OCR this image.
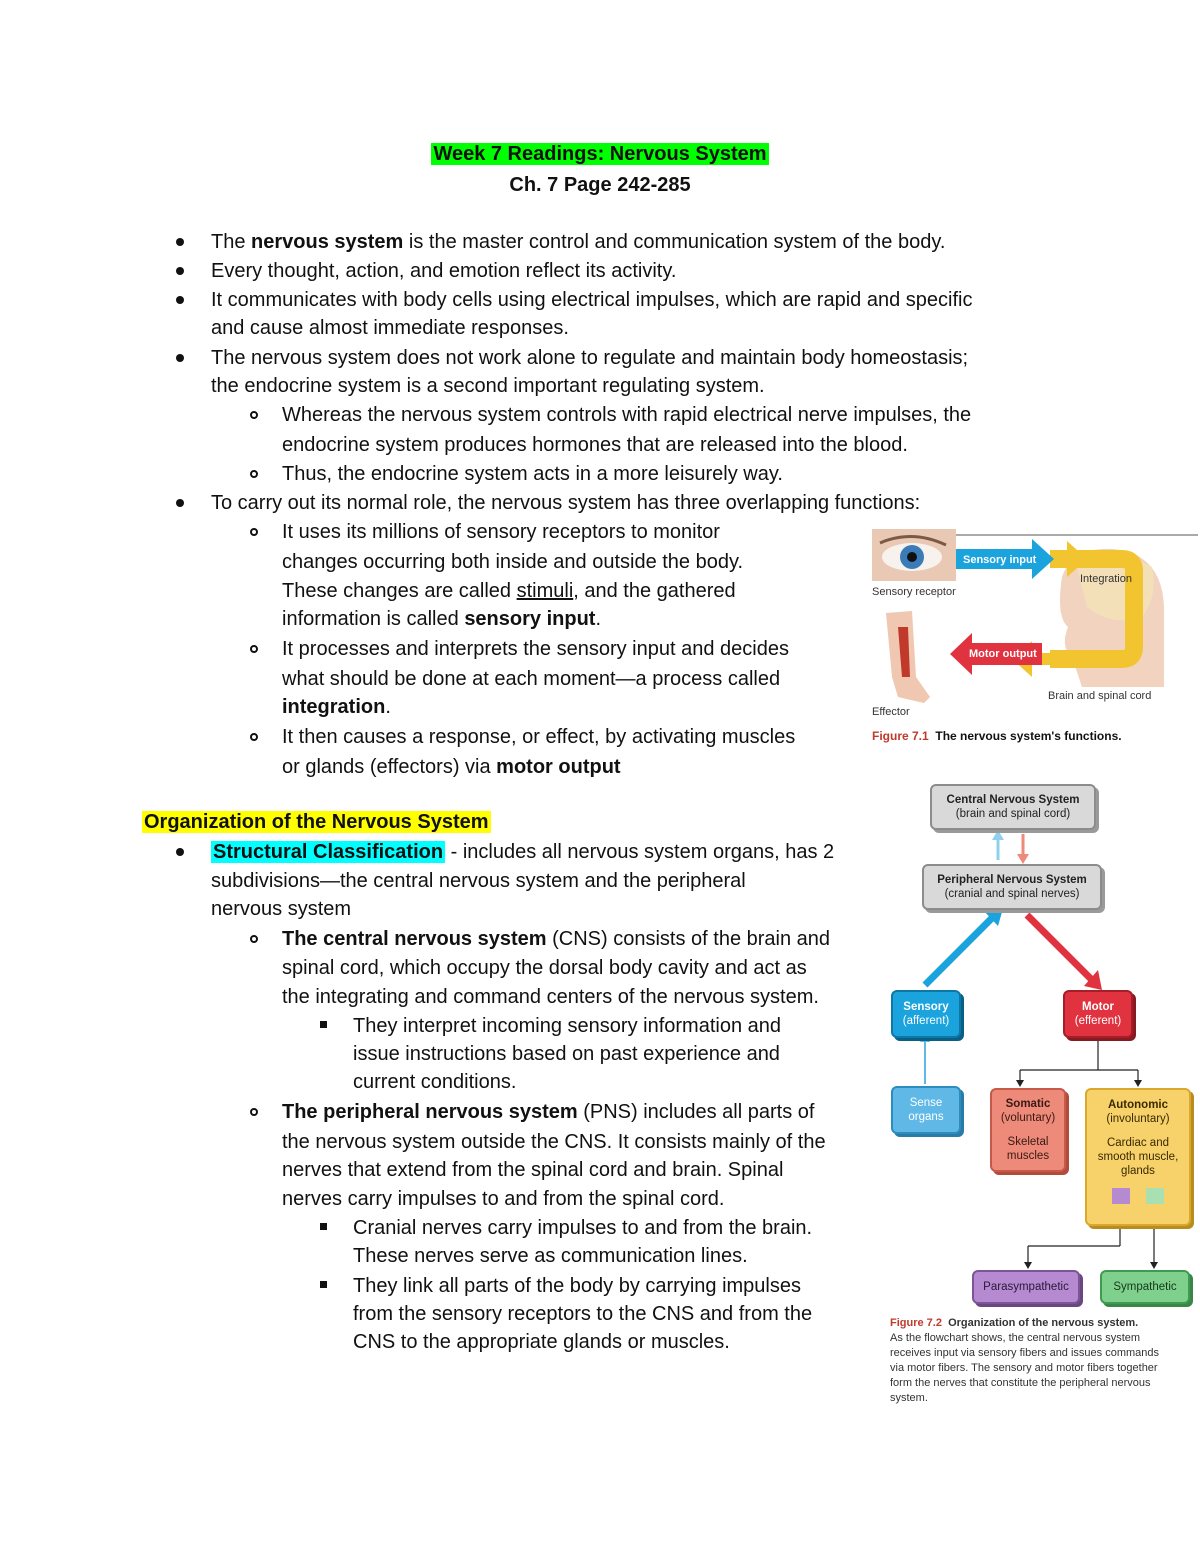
Week 7 Readings: Nervous System
Ch. 7 Page 242-285
The nervous system is the master control and communication system of the body.
Every thought, action, and emotion reflect its activity.
It communicates with body cells using electrical impulses, which are rapid and specific
and cause almost immediate responses.
The nervous system does not work alone to regulate and maintain body homeostasis;
the endocrine system is a second important regulating system.
Whereas the nervous system controls with rapid electrical nerve impulses, the
endocrine system produces hormones that are released into the blood.
Thus, the endocrine system acts in a more leisurely way.
To carry out its normal role, the nervous system has three overlapping functions:
It uses its millions of sensory receptors to monitor
changes occurring both inside and outside the body.
These changes are called stimuli, and the gathered
information is called sensory input.
It processes and interprets the sensory input and decides
what should be done at each moment—a process called
integration.
It then causes a response, or effect, by activating muscles
or glands (effectors) via motor output
Organization of the Nervous System
Structural Classification - includes all nervous system organs, has 2
subdivisions—the central nervous system and the peripheral
nervous system
The central nervous system (CNS) consists of the brain and
spinal cord, which occupy the dorsal body cavity and act as
the integrating and command centers of the nervous system.
They interpret incoming sensory information and
issue instructions based on past experience and
current conditions.
The peripheral nervous system (PNS) includes all parts of
the nervous system outside the CNS. It consists mainly of the
nerves that extend from the spinal cord and brain. Spinal
nerves carry impulses to and from the spinal cord.
Cranial nerves carry impulses to and from the brain.
These nerves serve as communication lines.
They link all parts of the body by carrying impulses
from the sensory receptors to the CNS and from the
CNS to the appropriate glands or muscles.
Sensory input
Integration
Sensory receptor
Motor output
Brain and spinal cord
Effector
Figure 7.1 The nervous system's functions.
Central Nervous System
(brain and spinal cord)
Peripheral Nervous System
(cranial and spinal nerves)
Sensory
(afferent)
Motor
(efferent)
Sense
organs
Somatic
(voluntary)
Skeletal
muscles
Autonomic
(involuntary)
Cardiac and
smooth muscle,
glands
Parasympathetic	Sympathetic
Figure 7.2 Organization of the nervous system.
As the flowchart shows, the central nervous system
receives input via sensory fibers and issues commands
via motor fibers. The sensory and motor fibers together
form the nerves that constitute the peripheral nervous
system.
